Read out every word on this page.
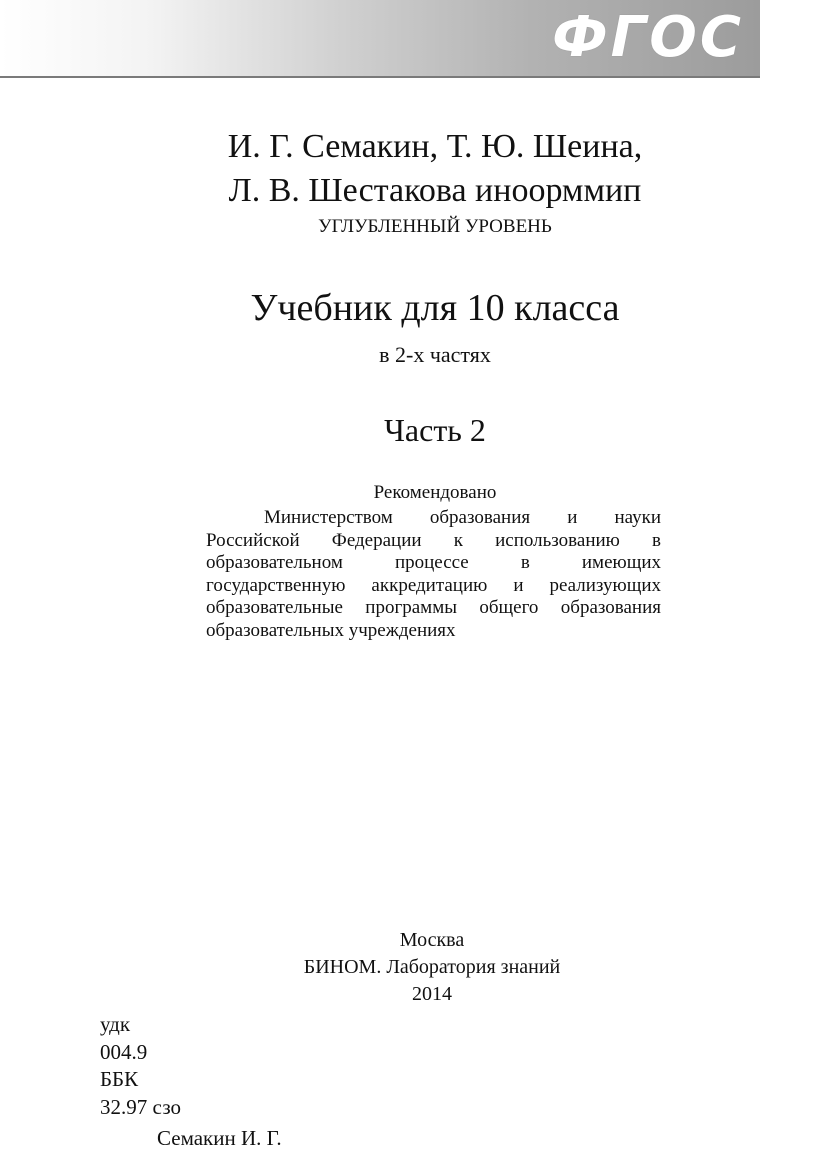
ФГОС
И. Г. Семакин, Т. Ю. Шеина,
Л. В. Шестакова иноорммип
УГЛУБЛЕННЫЙ УРОВЕНЬ
Учебник для 10 класса
в 2-х частях
Часть 2
Рекомендовано
Министерством образования и науки Российской Федерации к использованию в образовательном процессе в имеющих государственную аккредитацию и реализующих образовательные программы общего образования образовательных учреждениях
Москва
БИНОМ. Лаборатория знаний
2014
удк
004.9
ББК
32.97 сзо
Семакин И. Г.
